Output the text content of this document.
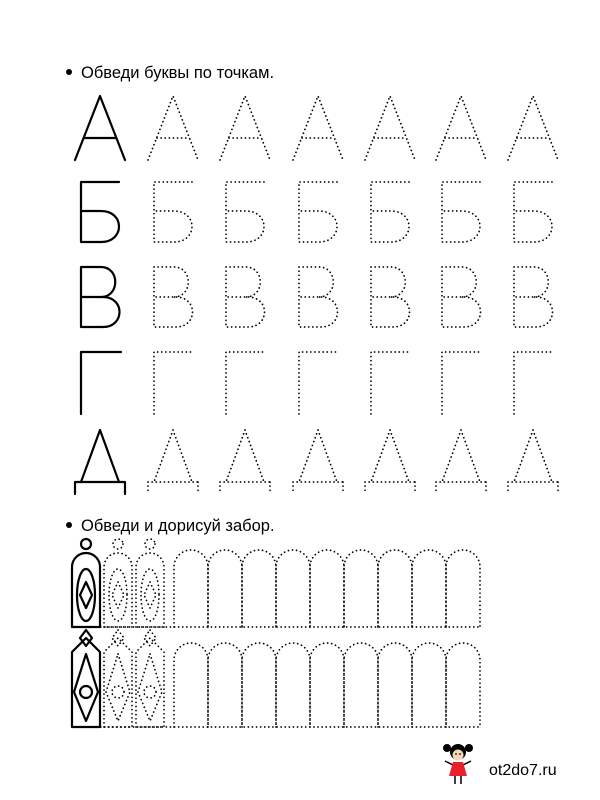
Обведи буквы по точкам.
Обведи и дорисуй забор.
ot2do7.ru
